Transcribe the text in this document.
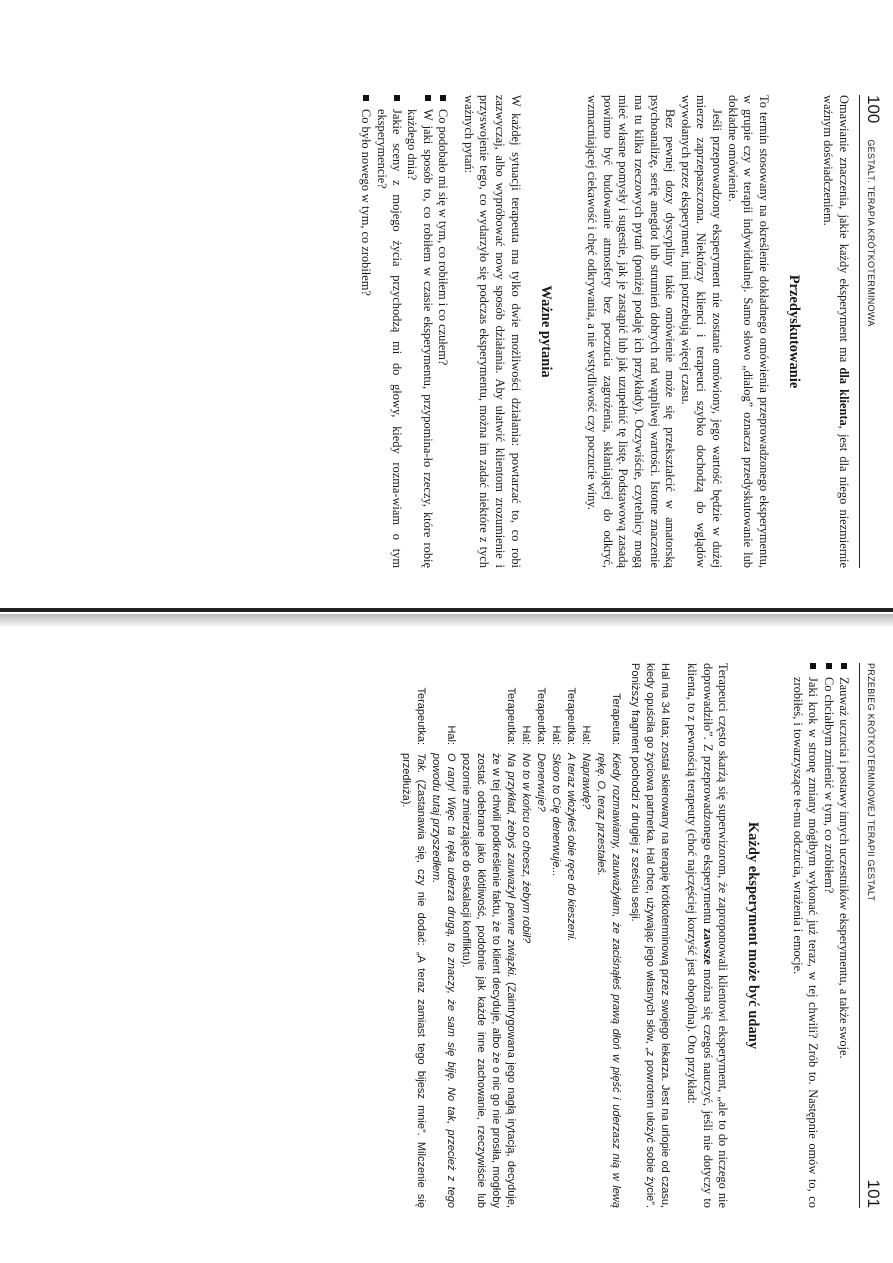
100
GESTALT. TERAPIA KRÓTKOTERMINOWA

Omawianie znaczenia, jakie każdy eksperyment ma dla klienta, jest dla niego niezmiernie ważnym doświadczeniem.

Przedyskutowanie

To termin stosowany na określenie dokładnego omówienia przeprowadzonego eksperymentu, w grupie czy w terapii indywidualnej. Samo słowo „dialog” oznacza przedyskutowanie lub dokładne omówienie.

Jeśli przeprowadzony eksperyment nie zostanie omówiony, jego wartość będzie w dużej mierze zaprzepaszczona. Niektórzy klienci i terapeuci szybko dochodzą do wglądów wywołanych przez eksperyment, inni potrzebują więcej czasu.

Bez pewnej dozy dyscypliny takie omówienie może się przekształcić w amatorską psychoanalizę, serię anegdot lub strumień dobrych rad wątpliwej wartości. Istotne znaczenie ma tu kilka rzeczowych pytań (poniżej podaję ich przykłady). Oczywiście, czytelnicy mogą mieć własne pomysły i sugestie, jak je zastąpić lub jak uzupełnić tę listę. Podstawową zasadą powinno być budowanie atmosfery bez poczucia zagrożenia, skłaniającej do odkryć, wzmacniającej ciekawość i chęć odkrywania, a nie wstydliwość czy poczucie winy.

Ważne pytania

W każdej sytuacji terapeuta ma tylko dwie możliwości działania: powtarzać to, co robi zazwyczaj, albo wypróbować nowy sposób działania. Aby ułatwić klientom zrozumienie i przyswojenie tego, co wydarzyło się podczas eksperymentu, można im zadać niektóre z tych ważnych pytań:

Co podobało mi się w tym, co robiłem i co czułem?
W jaki sposób to, co robiłem w czasie eksperymentu, przypomina-ło rzeczy, które robię każdego dnia?
Jakie sceny z mojego życia przychodzą mi do głowy, kiedy rozma-wiam o tym eksperymencie?
Co było nowego w tym, co zrobiłem?
PRZEBIEG KRÓTKOTERMINOWEJ TERAPII GESTALT
101
Zauważ uczucia i postawy innych uczestników eksperymentu, a także swoje.
Co chciałbym zmienić w tym, co zrobiłem?
Jaki krok w stronę zmiany mógłbym wykonać już teraz, w tej chwili? Zrób to. Następnie omów to, co zrobiłeś, i towarzyszące te-mu odczucia, wrażenia i emocje.
Każdy eksperyment może być udany

Terapeuci często skarżą się superwizorom, że zaproponowali klientowi eksperyment, „ale to do niczego nie doprowadziło”. Z przeprowadzonego eksperymentu zawsze można się czegoś nauczyć, jeśli nie dotyczy to klienta, to z pewnością terapeuty (choć najczęściej korzyść jest obopólna). Oto przykład:

Hal ma 34 lata; został skierowany na terapię krótkoterminową przez swojego lekarza. Jest na urlopie od czasu, kiedy opuściła go życiowa partnerka. Hal chce, używając jego własnych słów, „z powrotem ułożyć sobie życie”. Poniższy fragment pochodzi z drugiej z sześciu sesji.

Terapeuta:
Kiedy rozmawiamy, zauważyłam, że zaciśnąłeś prawą dłoń w pięść i uderzasz nią w lewą rękę. O, teraz przestałeś.
Hal:
Naprawdę?
Terapeutka:
A teraz włożyłeś obie ręce do kieszeni.
Hal:
Skoro to Cię denerwuje...
Terapeutka:
Denerwuje?
Hal:
No to w końcu co chcesz, żebym robił?
Terapeutka:
Na przykład, żebyś zauważył pewne związki. (Zaintrygowana jego nagłą irytacją, decyduje, że w tej chwili podkreślenie faktu, że to klient decyduje, albo że o nic go nie prosiła, mogłoby zostać odebrane jako kłótliwość, podobnie jak każde inne zachowanie, rzeczywiście lub pozornie zmierzające do eskalacji konfliktu).
Hal:
O rany! Więc ta ręka uderza drugą, to znaczy, że sam się biję. No tak, przecież z tego powodu tutaj przyszedłem.
Terapeutka:
Tak. (Zastanawia się, czy nie dodać: „A teraz zamiast tego bijesz mnie”. Milczenie się przedłuża).
